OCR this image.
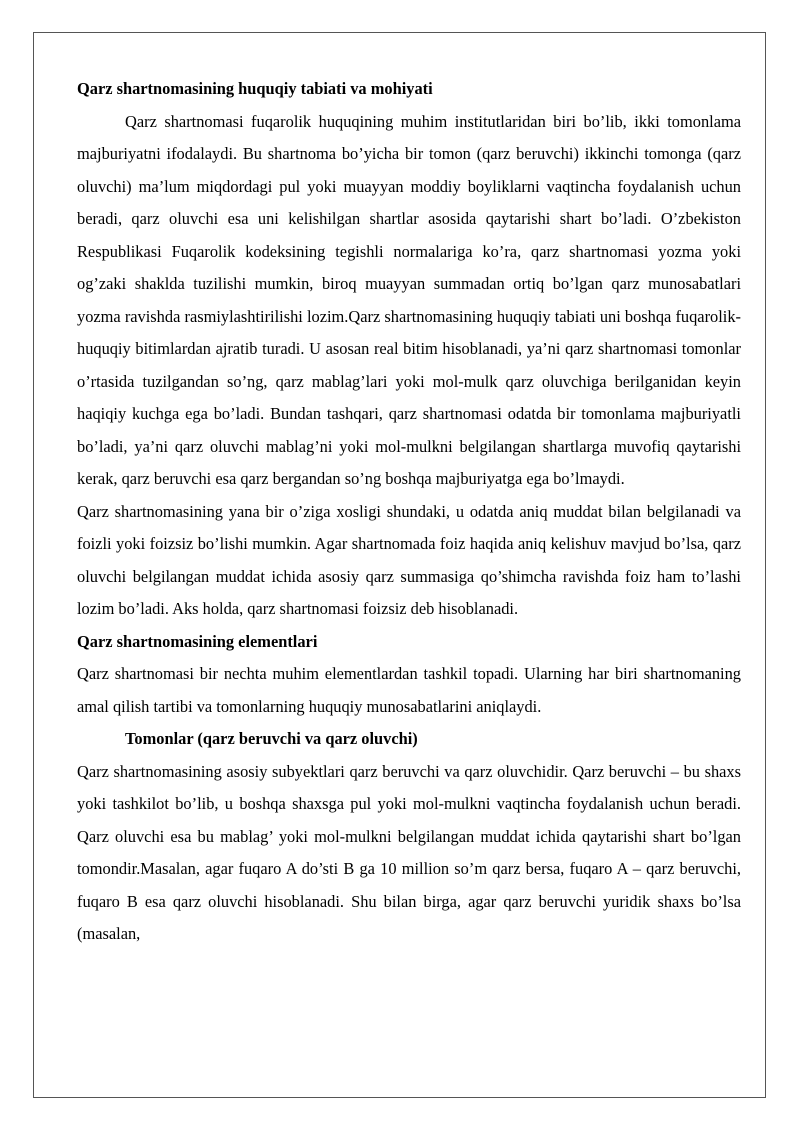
Qarz shartnomasining huquqiy tabiati va mohiyati

Qarz shartnomasi fuqarolik huquqining muhim institutlaridan biri bo’lib, ikki tomonlama majburiyatni ifodalaydi. Bu shartnoma bo’yicha bir tomon (qarz beruvchi) ikkinchi tomonga (qarz oluvchi) ma’lum miqdordagi pul yoki muayyan moddiy boyliklarni vaqtincha foydalanish uchun beradi, qarz oluvchi esa uni kelishilgan shartlar asosida qaytarishi shart bo’ladi. O’zbekiston Respublikasi Fuqarolik kodeksining tegishli normalariga ko’ra, qarz shartnomasi yozma yoki og’zaki shaklda tuzilishi mumkin, biroq muayyan summadan ortiq bo’lgan qarz munosabatlari yozma ravishda rasmiylashtirilishi lozim.Qarz shartnomasining huquqiy tabiati uni boshqa fuqarolik-huquqiy bitimlardan ajratib turadi. U asosan real bitim hisoblanadi, ya’ni qarz shartnomasi tomonlar o’rtasida tuzilgandan so’ng, qarz mablag’lari yoki mol-mulk qarz oluvchiga berilganidan keyin haqiqiy kuchga ega bo’ladi. Bundan tashqari, qarz shartnomasi odatda bir tomonlama majburiyatli bo’ladi, ya’ni qarz oluvchi mablag’ni yoki mol-mulkni belgilangan shartlarga muvofiq qaytarishi kerak, qarz beruvchi esa qarz bergandan so’ng boshqa majburiyatga ega bo’lmaydi.

Qarz shartnomasining yana bir o’ziga xosligi shundaki, u odatda aniq muddat bilan belgilanadi va foizli yoki foizsiz bo’lishi mumkin. Agar shartnomada foiz haqida aniq kelishuv mavjud bo’lsa, qarz oluvchi belgilangan muddat ichida asosiy qarz summasiga qo’shimcha ravishda foiz ham to’lashi lozim bo’ladi. Aks holda, qarz shartnomasi foizsiz deb hisoblanadi.

Qarz shartnomasining elementlari

Qarz shartnomasi bir nechta muhim elementlardan tashkil topadi. Ularning har biri shartnomaning amal qilish tartibi va tomonlarning huquqiy munosabatlarini aniqlaydi.

Tomonlar (qarz beruvchi va qarz oluvchi)

Qarz shartnomasining asosiy subyektlari qarz beruvchi va qarz oluvchidir. Qarz beruvchi – bu shaxs yoki tashkilot bo’lib, u boshqa shaxsga pul yoki mol-mulkni vaqtincha foydalanish uchun beradi. Qarz oluvchi esa bu mablag’ yoki mol-mulkni belgilangan muddat ichida qaytarishi shart bo’lgan tomondir.Masalan, agar fuqaro A do’sti B ga 10 million so’m qarz bersa, fuqaro A – qarz beruvchi, fuqaro B esa qarz oluvchi hisoblanadi. Shu bilan birga, agar qarz beruvchi yuridik shaxs bo’lsa (masalan,
